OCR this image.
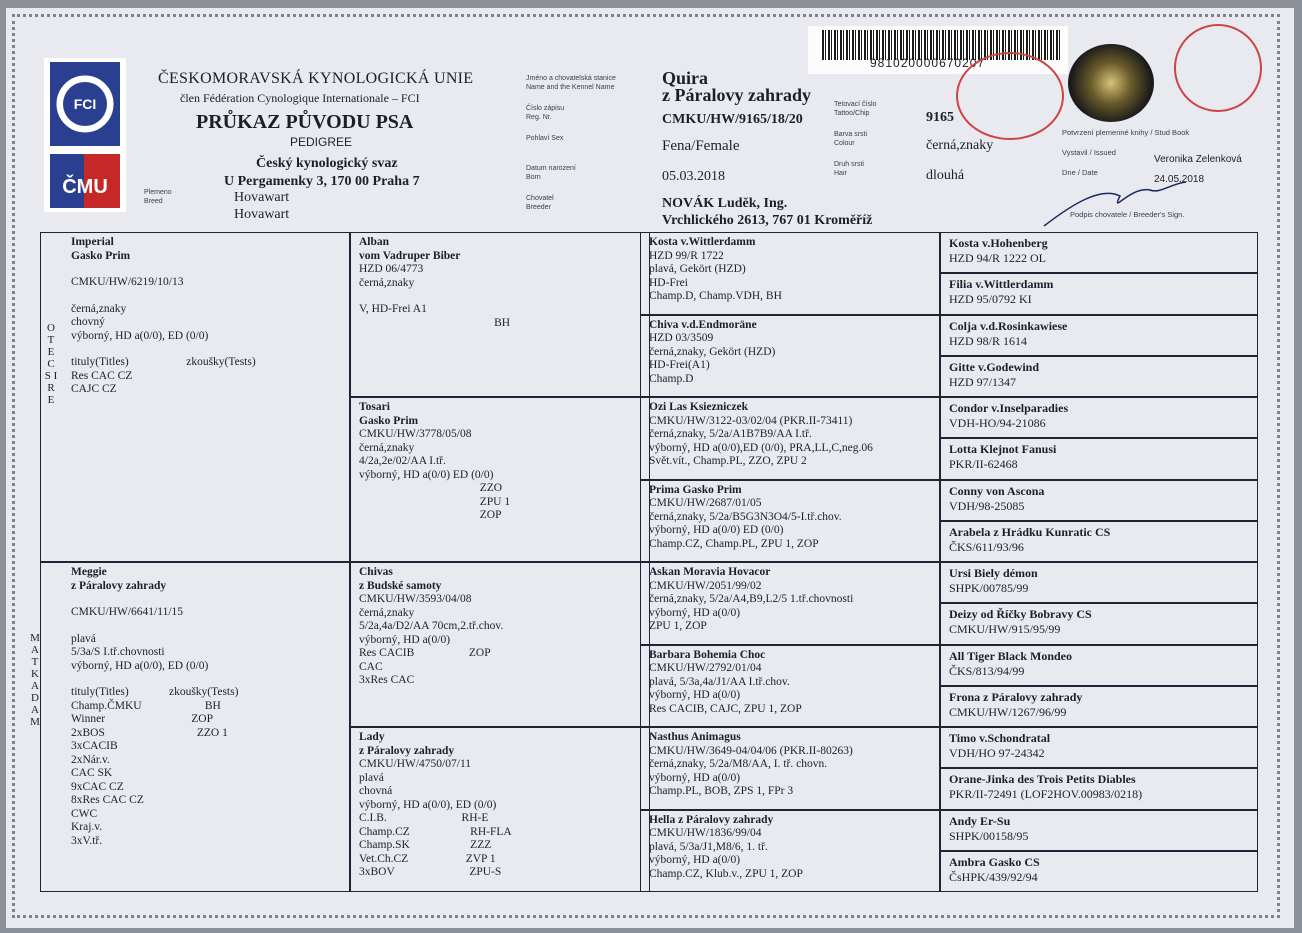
FCI
ČMU
ČESKOMORAVSKÁ KYNOLOGICKÁ UNIE
člen Fédération Cynologique Internationale – FCI
PRŮKAZ PŮVODU PSA
PEDIGREE
Český kynologický svaz
U Pergamenky 3, 170 00 Praha 7
Plemeno Breed	Hovawart
Hovawart
Jméno a chovatelská stanice Name and the Kennel Name
Číslo zápisu Reg. Nr.
Pohlaví Sex
Datum narození Born
Chovatel Breeder
Quira
z Páralovy zahrady
CMKU/HW/9165/18/20
Fena/Female
05.03.2018
NOVÁK Luděk, Ing.
Vrchlického 2613, 767 01 Kroměříž
Tetovací číslo Tattoo/Chip
Barva srsti Colour
Druh srsti Hair
9165
černá,znaky
dlouhá
981020000670207
Potvrzení plemenné knihy / Stud Book
Vystavil / Issued
Dne / Date
Veronika Zelenková
24.05.2018
Podpis chovatele / Breeder's Sign.
O T E C S I R E
M A T K A D A M
Imperial
Gasko Prim
CMKU/HW/6219/10/13
černá,znaky
chovný
výborný, HD a(0/0), ED (0/0)
tituly(Titles)                    zkoušky(Tests)
Res CAC CZ
CAJC CZ
Meggie
z Páralovy zahrady
CMKU/HW/6641/11/15
plavá
5/3a/S I.tř.chovnosti
výborný, HD a(0/0), ED (0/0)
tituly(Titles)              zkoušky(Tests)
Champ.ČMKU                      BH
Winner                              ZOP
2xBOS                                ZZO 1
3xCACIB
2xNár.v.
CAC SK
9xCAC CZ
8xRes CAC CZ
CWC
Kraj.v.
3xV.tř.
Alban
vom Vadruper Biber
HZD 06/4773
černá,znaky
V, HD-Frei A1
BH
Tosari
Gasko Prim
CMKU/HW/3778/05/08
černá,znaky
4/2a,2e/02/AA I.tř.
výborný, HD a(0/0) ED (0/0)
ZZO
ZPU 1
ZOP
Chivas
z Budské samoty
CMKU/HW/3593/04/08
černá,znaky
5/2a,4a/D2/AA 70cm,2.tř.chov.
výborný, HD a(0/0)
Res CACIB                   ZOP
CAC
3xRes CAC
Lady
z Páralovy zahrady
CMKU/HW/4750/07/11
plavá
chovná
výborný, HD a(0/0), ED (0/0)
C.I.B.                          RH-E
Champ.CZ                     RH-FLA
Champ.SK                     ZZZ
Vet.Ch.CZ                    ZVP 1
3xBOV                          ZPU-S
Kosta v.Wittlerdamm
HZD 99/R 1722
plavá, Gekört (HZD)
HD-Frei
Champ.D, Champ.VDH, BH
Chiva v.d.Endmoräne
HZD 03/3509
černá,znaky, Gekört (HZD)
HD-Frei(A1)
Champ.D
Ozi Las Ksiezniczek
CMKU/HW/3122-03/02/04 (PKR.II-73411)
černá,znaky, 5/2a/A1B7B9/AA I.tř.
výborný, HD a(0/0),ED (0/0), PRA,LL,C,neg.06
Svět.vít., Champ.PL, ZZO, ZPU 2
Prima Gasko Prim
CMKU/HW/2687/01/05
černá,znaky, 5/2a/B5G3N3O4/5-I.tř.chov.
výborný, HD a(0/0) ED (0/0)
Champ.CZ, Champ.PL, ZPU 1, ZOP
Askan Moravia Hovacor
CMKU/HW/2051/99/02
černá,znaky, 5/2a/A4,B9,L2/5 1.tř.chovnosti
výborný, HD a(0/0)
ZPU 1, ZOP
Barbara Bohemia Choc
CMKU/HW/2792/01/04
plavá, 5/3a,4a/J1/AA I.tř.chov.
výborný, HD a(0/0)
Res CACIB, CAJC, ZPU 1, ZOP
Nasthus Animagus
CMKU/HW/3649-04/04/06 (PKR.II-80263)
černá,znaky, 5/2a/M8/AA, I. tř. chovn.
výborný, HD a(0/0)
Champ.PL, BOB, ZPS 1, FPr 3
Hella z Páralovy zahrady
CMKU/HW/1836/99/04
plavá, 5/3a/J1,M8/6, 1. tř.
výborný, HD a(0/0)
Champ.CZ, Klub.v., ZPU 1, ZOP
Kosta v.Hohenberg
HZD 94/R 1222 OL
Filia v.Wittlerdamm
HZD 95/0792 KI
Colja v.d.Rosinkawiese
HZD 98/R 1614
Gitte v.Godewind
HZD 97/1347
Condor v.Inselparadies
VDH-HO/94-21086
Lotta Klejnot Fanusi
PKR/II-62468
Conny von Ascona
VDH/98-25085
Arabela z Hrádku Kunratic CS
ČKS/611/93/96
Ursi Biely démon
SHPK/00785/99
Deizy od Říčky Bobravy CS
CMKU/HW/915/95/99
All Tiger Black Mondeo
ČKS/813/94/99
Frona z Páralovy zahrady
CMKU/HW/1267/96/99
Timo v.Schondratal
VDH/HO 97-24342
Orane-Jinka des Trois Petits Diables
PKR/II-72491 (LOF2HOV.00983/0218)
Andy Er-Su
SHPK/00158/95
Ambra Gasko CS
ČsHPK/439/92/94
